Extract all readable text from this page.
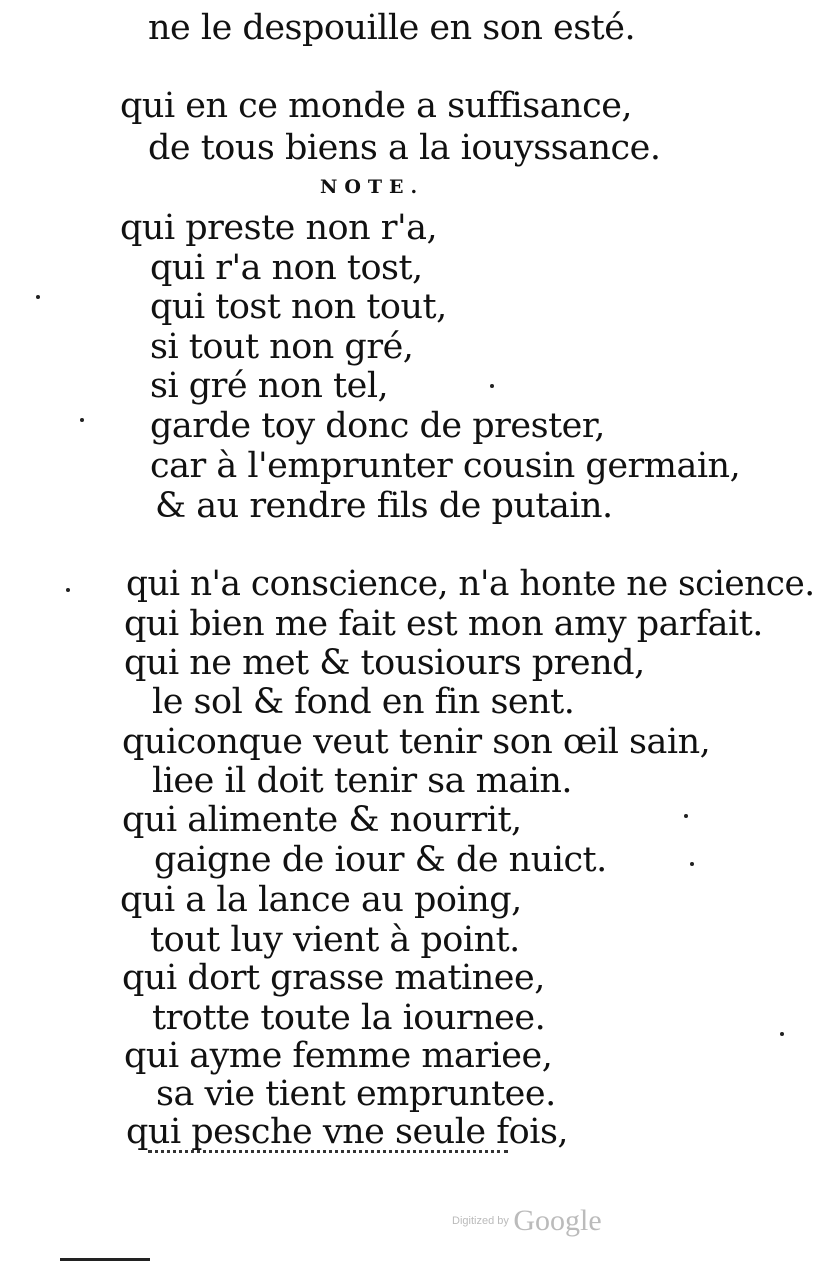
ne le despouille en son esté.
qui en ce monde a suffisance,
de tous biens a la iouyssance.
NOTE.
qui preste non r'a,
qui r'a non tost,
qui tost non tout,
si tout non gré,
si gré non tel,
garde toy donc de prester,
car à l'emprunter cousin germain,
& au rendre fils de putain.
qui n'a conscience, n'a honte ne science.
qui bien me fait est mon amy parfait.
qui ne met & tousiours prend,
le sol & fond en fin sent.
quiconque veut tenir son œil sain,
liee il doit tenir sa main.
qui alimente & nourrit,
gaigne de iour & de nuict.
qui a la lance au poing,
tout luy vient à point.
qui dort grasse matinee,
trotte toute la iournee.
qui ayme femme mariee,
sa vie tient empruntee.
qui pesche vne seule fois,
Digitized by Google
